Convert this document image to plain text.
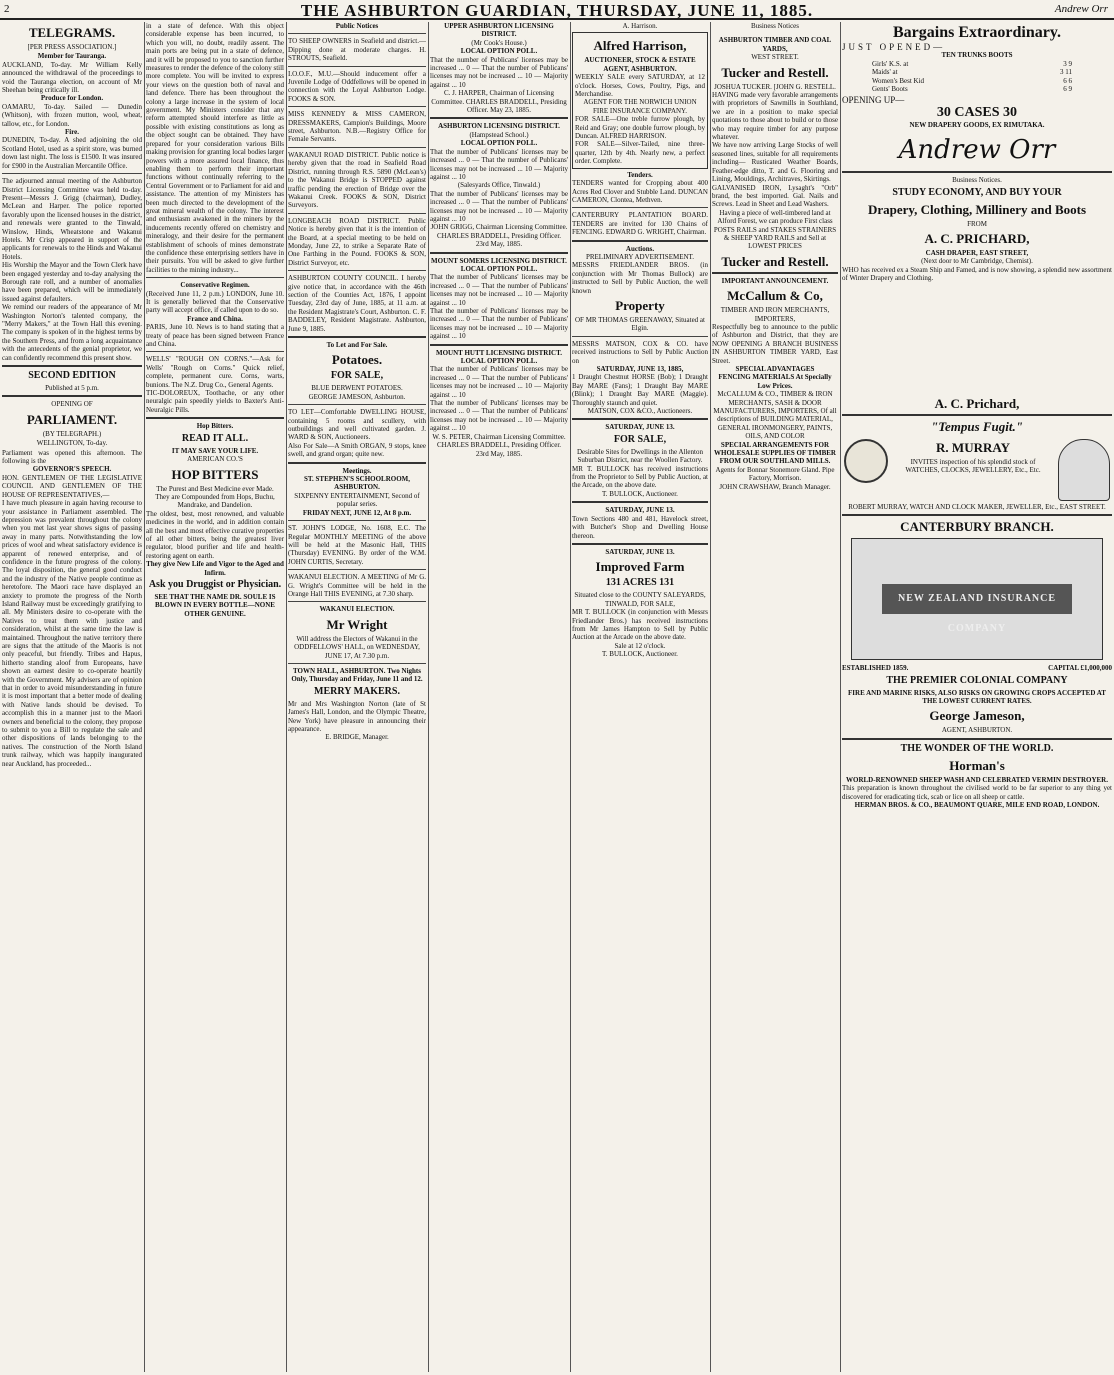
2	THE ASHBURTON GUARDIAN, THURSDAY, JUNE 11, 1885.	Andrew Orr
TELEGRAMS.
[PER PRESS ASSOCIATION.]
Member for Tauranga.
AUCKLAND, To-day. Mr William Kelly announced the withdrawal of the proceedings to void the Tauranga election, on account of Mr Sheehan being critically ill.
Produce for London.
OAMARU, To-day. Sailed — Dunedin (Whitson), with frozen mutton, wool, wheat, tallow, etc., for London.
Fire.
DUNEDIN, To-day. A shed adjoining the old Scotland Hotel, used as a spirit store, was burned down last night. The loss is £1500. It was insured for £900 in the Australian Mercantile Office.
The adjourned annual meeting of the Ashburton District Licensing Committee was held to-day. Present—Messrs J. Grigg (chairman), Dudley, McLean and Harper. The police reported favorably upon the licensed houses in the district, and renewals were granted to the Tinwald, Winslow, Hinds, Wheatstone and Wakanui Hotels. Mr Crisp appeared in support of the applicants for renewals to the Hinds and Wakanui Hotels.
His Worship the Mayor and the Town Clerk have been engaged yesterday and to-day analysing the Borough rate roll, and a number of anomalies have been prepared, which will be immediately issued against defaulters.
We remind our readers of the appearance of Mr Washington Norton's talented company, the "Merry Makers," at the Town Hall this evening. The company is spoken of in the highest terms by the Southern Press, and from a long acquaintance with the antecedents of the genial proprietor, we can confidently recommend this present show.
SECOND EDITION
Published at 5 p.m.
OPENING OF
PARLIAMENT.
(BY TELEGRAPH.)
WELLINGTON, To-day.
Parliament was opened this afternoon. The following is the
GOVERNOR'S SPEECH.
HON. GENTLEMEN OF THE LEGISLATIVE COUNCIL AND GENTLEMEN OF THE HOUSE OF REPRESENTATIVES,—
I have much pleasure in again having recourse to your assistance in Parliament assembled. The depression was prevalent throughout the colony when you met last year shows signs of passing away in many parts. Notwithstanding the low prices of wool and wheat satisfactory evidence is apparent of renewed enterprise, and of confidence in the future progress of the colony. The loyal disposition, the general good conduct and the industry of the Native people continue as heretofore. The Maori race have displayed an anxiety to promote the progress of the North Island Railway must be exceedingly gratifying to all. My Ministers desire to co-operate with the Natives to treat them with justice and consideration, whilst at the same time the law is maintained. Throughout the native territory there are signs that the attitude of the Maoris is not only peaceful, but friendly. Tribes and Hapus, hitherto standing aloof from Europeans, have shown an earnest desire to co-operate heartily with the Government. My advisers are of opinion that in order to avoid misunderstanding in future it is most important that a better mode of dealing with Native lands should be devised. To accomplish this in a manner just to the Maori owners and beneficial to the colony, they propose to submit to you a Bill to regulate the sale and other dispositions of lands belonging to the natives. The construction of the North Island trunk railway, which was happily inaugurated near Auckland, has proceeded...
in a state of defence. With this object considerable expense has been incurred, to which you will, no doubt, readily assent. The main ports are being put in a state of defence, and it will be proposed to you to sanction further measures to render the defence of the colony still more complete. You will be invited to express your views on the question both of naval and land defence. There has been throughout the colony a large increase in the system of local government. My Ministers consider that any reform attempted should interfere as little as possible with existing constitutions as long as the object sought can be obtained. They have prepared for your consideration various Bills making provision for granting local bodies larger powers with a more assured local finance, thus enabling them to perform their important functions without continually referring to the Central Government or to Parliament for aid and assistance. The attention of my Ministers has been much directed to the development of the great mineral wealth of the colony. The interest and enthusiasm awakened in the miners by the inducements recently offered on chemistry and mineralogy, and their desire for the permanent establishment of schools of mines demonstrate the confidence these enterprising settlers have in their pursuits. You will be asked to give further facilities to the mining industry...
Conservative Regimen.
(Received June 11, 2 p.m.) LONDON, June 10. It is generally believed that the Conservative party will accept office, if called upon to do so.
France and China.
PARIS, June 10. News is to hand stating that a treaty of peace has been signed between France and China.
WELLS' "ROUGH ON CORNS."—Ask for Wells' "Rough on Corns." Quick relief, complete, permanent cure. Corns, warts, bunions. The N.Z. Drug Co., General Agents.
TIC-DOLOREUX, Toothache, or any other neuralgic pain speedily yields to Baxter's Anti-Neuralgic Pills.
Hop Bitters.
READ IT ALL.
IT MAY SAVE YOUR LIFE.
AMERICAN CO.'S
HOP BITTERS
The Purest and Best Medicine ever Made.
They are Compounded from Hops, Buchu, Mandrake, and Dandelion.
The oldest, best, most renowned, and valuable medicines in the world, and in addition contain all the best and most effective curative properties of all other bitters, being the greatest liver regulator, blood purifier and life and health-restoring agent on earth.
They give New Life and Vigor to the Aged and Infirm.
Ask you Druggist or Physician.
SEE THAT THE NAME DR. SOULE IS BLOWN IN EVERY BOTTLE—NONE OTHER GENUINE.
Public Notices
TO SHEEP OWNERS in Seafield and district.—Dipping done at moderate charges. H. STROUTS, Seafield.
I.O.O.F., M.U.—Should inducement offer a Juvenile Lodge of Oddfellows will be opened in connection with the Loyal Ashburton Lodge. FOOKS & SON.
MISS KENNEDY & MISS CAMERON, DRESSMAKERS, Campion's Buildings, Moore street, Ashburton. N.B.—Registry Office for Female Servants.
WAKANUI ROAD DISTRICT. Public notice is hereby given that the road in Seafield Road District, running through R.S. 5890 (McLean's) to the Wakanui Bridge is STOPPED against traffic pending the erection of Bridge over the Wakanui Creek. FOOKS & SON, District Surveyors.
LONGBEACH ROAD DISTRICT. Public Notice is hereby given that it is the intention of the Board, at a special meeting to be held on Monday, June 22, to strike a Separate Rate of One Farthing in the Pound. FOOKS & SON, District Surveyor, etc.
ASHBURTON COUNTY COUNCIL. I hereby give notice that, in accordance with the 46th section of the Counties Act, 1876, I appoint Tuesday, 23rd day of June, 1885, at 11 a.m. at the Resident Magistrate's Court, Ashburton. C. F. BADDELEY, Resident Magistrate. Ashburton, June 9, 1885.
To Let and For Sale.
Potatoes.
FOR SALE,
BLUE DERWENT POTATOES.
GEORGE JAMESON, Ashburton.
TO LET—Comfortable DWELLING HOUSE, containing 5 rooms and scullery, with outbuildings and well cultivated garden. J. WARD & SON, Auctioneers.
Also For Sale—A Smith ORGAN, 9 stops, knee swell, and grand organ; quite new.
Meetings.
ST. STEPHEN'S SCHOOLROOM, ASHBURTON.
SIXPENNY ENTERTAINMENT, Second of popular series.
FRIDAY NEXT, JUNE 12, At 8 p.m.
ST. JOHN'S LODGE, No. 1608, E.C. The Regular MONTHLY MEETING of the above will be held at the Masonic Hall, THIS (Thursday) EVENING. By order of the W.M. JOHN CURTIS, Secretary.
WAKANUI ELECTION. A MEETING of Mr G. G. Wright's Committee will be held in the Orange Hall THIS EVENING, at 7.30 sharp.
WAKANUI ELECTION.
Mr Wright
Will address the Electors of Wakanui in the ODDFELLOWS' HALL, on WEDNESDAY, JUNE 17, At 7.30 p.m.
TOWN HALL, ASHBURTON. Two Nights Only, Thursday and Friday, June 11 and 12.
MERRY MAKERS.
Mr and Mrs Washington Norton (late of St James's Hall, London, and the Olympic Theatre, New York) have pleasure in announcing their appearance.
E. BRIDGE, Manager.
UPPER ASHBURTON LICENSING DISTRICT.
(Mr Cook's House.)
LOCAL OPTION POLL.
That the number of Publicans' licenses may be increased ... 0 — That the number of Publicans' licenses may not be increased ... 10 — Majority against ... 10
C. J. HARPER, Chairman of Licensing Committee. CHARLES BRADDELL, Presiding Officer. May 23, 1885.
ASHBURTON LICENSING DISTRICT.
(Hampstead School.)
LOCAL OPTION POLL.
That the number of Publicans' licenses may be increased ... 0 — That the number of Publicans' licenses may not be increased ... 10 — Majority against ... 10
(Salesyards Office, Tinwald.)
That the number of Publicans' licenses may be increased ... 0 — That the number of Publicans' licenses may not be increased ... 10 — Majority against ... 10
JOHN GRIGG, Chairman Licensing Committee. CHARLES BRADDELL, Presiding Officer. 23rd May, 1885.
MOUNT SOMERS LICENSING DISTRICT.
LOCAL OPTION POLL.
That the number of Publicans' licenses may be increased ... 0 — That the number of Publicans' licenses may not be increased ... 10 — Majority against ... 10
That the number of Publicans' licenses may be increased ... 0 — That the number of Publicans' licenses may not be increased ... 10 — Majority against ... 10
MOUNT HUTT LICENSING DISTRICT.
LOCAL OPTION POLL.
That the number of Publicans' licenses may be increased ... 0 — That the number of Publicans' licenses may not be increased ... 10 — Majority against ... 10
That the number of Publicans' licenses may be increased ... 0 — That the number of Publicans' licenses may not be increased ... 10 — Majority against ... 10
W. S. PETER, Chairman Licensing Committee. CHARLES BRADDELL, Presiding Officer. 23rd May, 1885.
A. Harrison.
Alfred Harrison,
AUCTIONEER, STOCK & ESTATE AGENT, ASHBURTON.
WEEKLY SALE every SATURDAY, at 12 o'clock. Horses, Cows, Poultry, Pigs, and Merchandise.
AGENT FOR THE NORWICH UNION FIRE INSURANCE COMPANY.
FOR SALE—One treble furrow plough, by Reid and Gray; one double furrow plough, by Duncan. ALFRED HARRISON.
FOR SALE—Silver-Tailed, nine three-quarter, 12th by 4th. Nearly new, a perfect order. Complete.
Tenders.
TENDERS wanted for Cropping about 400 Acres Red Clover and Stubble Land. DUNCAN CAMERON, Clontea, Methven.
CANTERBURY PLANTATION BOARD. TENDERS are invited for 130 Chains of FENCING. EDWARD G. WRIGHT, Chairman.
Auctions.
PRELIMINARY ADVERTISEMENT.
MESSRS FRIEDLANDER BROS. (in conjunction with Mr Thomas Bullock) are instructed to Sell by Public Auction, the well known
Property
OF MR THOMAS GREENAWAY, Situated at Elgin.
MESSRS MATSON, COX & CO. have received instructions to Sell by Public Auction on
SATURDAY, JUNE 13, 1885,
1 Draught Chestnut HORSE (Bob); 1 Draught Bay MARE (Fans); 1 Draught Bay MARE (Blink); 1 Draught Bay MARE (Maggie). Thoroughly staunch and quiet.
MATSON, COX &CO., Auctioneers.
SATURDAY, JUNE 13.
FOR SALE,
Desirable Sites for Dwellings in the Allenton Suburban District, near the Woollen Factory.
MR T. BULLOCK has received instructions from the Proprietor to Sell by Public Auction, at the Arcade, on the above date.
T. BULLOCK, Auctioneer.
SATURDAY, JUNE 13.
Town Sections 480 and 481, Havelock street, with Butcher's Shop and Dwelling House thereon.
SATURDAY, JUNE 13.
Improved Farm
131 ACRES 131
Situated close to the COUNTY SALEYARDS, TINWALD, FOR SALE,
MR T. BULLOCK (in conjunction with Messrs Friedlander Bros.) has received instructions from Mr James Hampton to Sell by Public Auction at the Arcade on the above date.
Sale at 12 o'clock.
T. BULLOCK, Auctioneer.
Business Notices
ASHBURTON TIMBER AND COAL YARDS,
WEST STREET.
Tucker and Restell.
JOSHUA TUCKER. [JOHN G. RESTELL.
HAVING made very favorable arrangements with proprietors of Sawmills in Southland, we are in a position to make special quotations to those about to build or to those who may require timber for any purpose whatever.
We have now arriving Large Stocks of well seasoned lines, suitable for all requirements including— Rusticated Weather Boards, Feather-edge ditto, T. and G. Flooring and Lining, Mouldings, Architraves, Skirtings.
GALVANISED IRON, Lysaght's "Orb" brand, the best imported. Gal. Nails and Screws. Lead in Sheet and Lead Washers.
Having a piece of well-timbered land at Alford Forest, we can produce First class POSTS RAILS and STAKES STRAINERS & SHEEP YARD RAILS and Sell at LOWEST PRICES
Tucker and Restell.
IMPORTANT ANNOUNCEMENT.
McCallum & Co,
TIMBER AND IRON MERCHANTS, IMPORTERS,
Respectfully beg to announce to the public of Ashburton and District, that they are NOW OPENING A BRANCH BUSINESS IN ASHBURTON TIMBER YARD, East Street.
SPECIAL ADVANTAGES
FENCING MATERIALS At Specially Low Prices.
McCALLUM & CO., TIMBER & IRON MERCHANTS, SASH & DOOR MANUFACTURERS, IMPORTERS, Of all descriptions of BUILDING MATERIAL, GENERAL IRONMONGERY, PAINTS, OILS, AND COLOR
SPECIAL ARRANGEMENTS FOR WHOLESALE SUPPLIES OF TIMBER FROM OUR SOUTHLAND MILLS.
Agents for Bonnar Stonemore Gland. Pipe Factory, Morrison.
JOHN CRAWSHAW, Branch Manager.
Bargains Extraordinary.
JUST OPENED—
TEN TRUNKS BOOTS
Girls' K.S. at	3 9
Maids' at	3 11
Women's Best Kid	6 6
Gents' Boots	6 9
OPENING UP—
30 CASES 30
NEW DRAPERY GOODS, EX RIMUTAKA.
Andrew Orr
Business Notices.
STUDY ECONOMY, AND BUY YOUR
Drapery, Clothing, Millinery and Boots
FROM
A. C. PRICHARD,
CASH DRAPER, EAST STREET,
(Next door to Mr Cambridge, Chemist).
WHO has received ex a Steam Ship and Famed, and is now showing, a splendid new assortment of Winter Drapery and Clothing.
A. C. Prichard,
"Tempus Fugit."
R. MURRAY
INVITES inspection of his splendid stock of WATCHES, CLOCKS, JEWELLERY, Etc., Etc.
ROBERT MURRAY, WATCH AND CLOCK MAKER, JEWELLER, Etc., EAST STREET.
CANTERBURY BRANCH.
NEW ZEALAND INSURANCE COMPANY
ESTABLISHED 1859.	CAPITAL £1,000,000
THE PREMIER COLONIAL COMPANY
FIRE AND MARINE RISKS, ALSO RISKS ON GROWING CROPS ACCEPTED AT THE LOWEST CURRENT RATES.
George Jameson,
AGENT, ASHBURTON.
THE WONDER OF THE WORLD.
Horman's
WORLD-RENOWNED SHEEP WASH AND CELEBRATED VERMIN DESTROYER.
This preparation is known throughout the civilised world to be far superior to any thing yet discovered for eradicating tick, scab or lice on all sheep or cattle.
HERMAN BROS. & CO., BEAUMONT QUARE, MILE END ROAD, LONDON.
